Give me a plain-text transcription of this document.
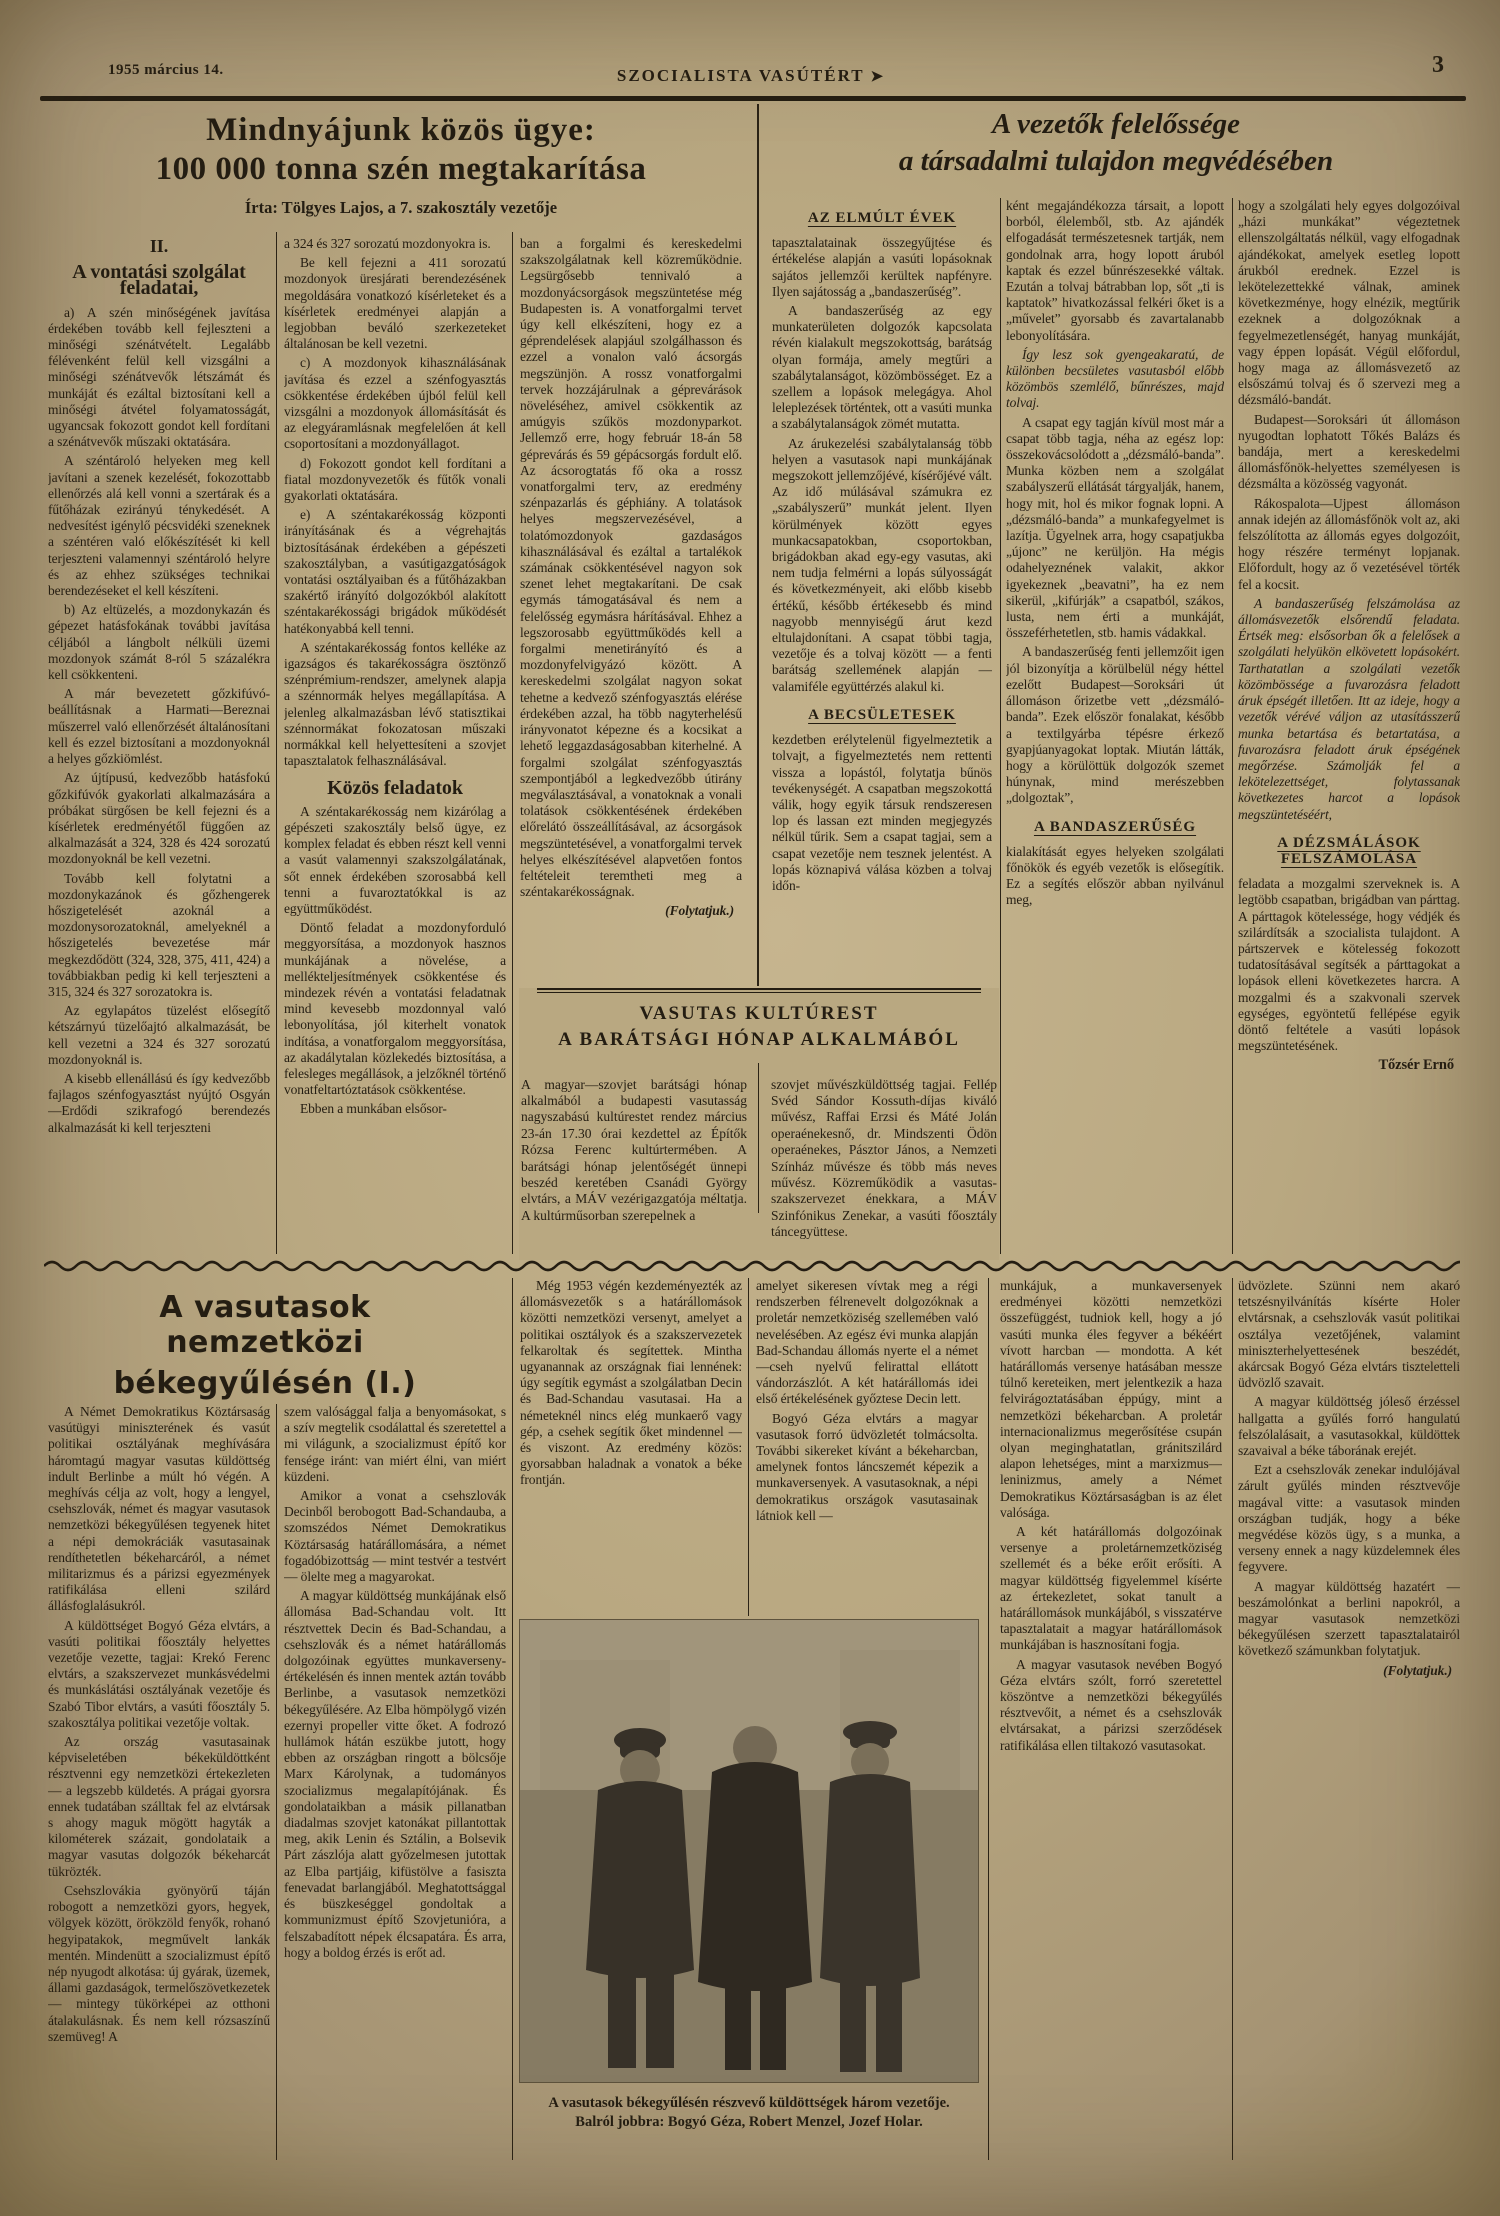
1955 március 14.	SZOCIALISTA VASÚTÉRT ➤	3
Mindnyájunk közös ügye:
100 000 tonna szén megtakarítása
Írta: Tölgyes Lajos, a 7. szakosztály vezetője
II.
A vontatási szolgálat feladatai,

a) A szén minőségének javítása érdekében tovább kell fejleszteni a minőségi szénátvételt. Legalább félévenként felül kell vizsgálni a minőségi szénátvevők létszámát és munkáját és ezáltal biztosítani kell a minőségi átvétel folyamatosságát, ugyancsak fokozott gondot kell fordítani a szénátvevők műszaki oktatására.

A széntároló helyeken meg kell javítani a szenek kezelését, fokozottabb ellenőrzés alá kell vonni a szertárak és a fűtőházak ezirányú ténykedését. A nedvesítést igénylő pécsvidéki szeneknek a széntéren való előkészítését ki kell terjeszteni valamennyi széntároló helyre és az ehhez szükséges technikai berendezéseket el kell készíteni.

b) Az eltüzelés, a mozdonykazán és gépezet hatásfokának további javítása céljából a lángbolt nélküli üzemi mozdonyok számát 8-ról 5 százalékra kell csökkenteni.

A már bevezetett gőzkifúvó-beállításnak a Harmati—Bereznai műszerrel való ellenőrzését általánosítani kell és ezzel biztosítani a mozdonyoknál a helyes gőzkiömlést.

Az újtípusú, kedvezőbb hatásfokú gőzkifúvók gyakorlati alkalmazására a próbákat sürgősen be kell fejezni és a kísérletek eredményétől függően az alkalmazását a 324, 328 és 424 sorozatú mozdonyoknál be kell vezetni.

Tovább kell folytatni a mozdonykazánok és gőzhengerek hőszigetelését azoknál a mozdonysorozatoknál, amelyeknél a hőszigetelés bevezetése már megkezdődött (324, 328, 375, 411, 424) a továbbiakban pedig ki kell terjeszteni a 315, 324 és 327 sorozatokra is.

Az egylapátos tüzelést elősegítő kétszárnyú tüzelőajtó alkalmazását, be kell vezetni a 324 és 327 sorozatú mozdonyoknál is.

A kisebb ellenállású és így kedvezőbb fajlagos szénfogyasztást nyújtó Osgyán—Erdődi szikrafogó berendezés alkalmazását ki kell terjeszteni

a 324 és 327 sorozatú mozdonyokra is.

Be kell fejezni a 411 sorozatú mozdonyok üresjárati berendezésének megoldására vonatkozó kísérleteket és a kísérletek eredményei alapján a legjobban beváló szerkezeteket általánosan be kell vezetni.

c) A mozdonyok kihasználásának javítása és ezzel a szénfogyasztás csökkentése érdekében újból felül kell vizsgálni a mozdonyok állomásítását és az elegyáramlásnak megfelelően át kell csoportosítani a mozdonyállagot.

d) Fokozott gondot kell fordítani a fiatal mozdonyvezetők és fűtők vonali gyakorlati oktatására.

e) A széntakarékosság központi irányításának és a végrehajtás biztosításának érdekében a gépészeti szakosztályban, a vasútigazgatóságok vontatási osztályaiban és a fűtőházakban szakértő irányító dolgozókból alakított széntakarékossági brigádok működését hatékonyabbá kell tenni.

A széntakarékosság fontos kelléke az igazságos és takarékosságra ösztönző szénprémium-rendszer, amelynek alapja a szénnormák helyes megállapítása. A jelenleg alkalmazásban lévő statisztikai szénnormákat fokozatosan műszaki normákkal kell helyettesíteni a szovjet tapasztalatok felhasználásával.

Közös feladatok

A széntakarékosság nem kizárólag a gépészeti szakosztály belső ügye, ez komplex feladat és ebben részt kell venni a vasút valamennyi szakszolgálatának, sőt ennek érdekében szorosabbá kell tenni a fuvaroztatókkal is az együttműködést.

Döntő feladat a mozdonyforduló meggyorsítása, a mozdonyok hasznos munkájának a növelése, a mellékteljesítmények csökkentése és mindezek révén a vontatási feladatnak mind kevesebb mozdonnyal való lebonyolítása, jól kiterhelt vonatok indítása, a vonatforgalom meggyorsítása, az akadálytalan közlekedés biztosítása, a felesleges megállások, a jelzőknél történő vonatfeltartóztatások csökkentése.

Ebben a munkában elsősor-

ban a forgalmi és kereskedelmi szakszolgálatnak kell közreműködnie. Legsürgősebb tennivaló a mozdonyácsorgások megszüntetése még Budapesten is. A vonatforgalmi tervet úgy kell elkészíteni, hogy ez a géprendelések alapjául szolgálhasson és ezzel a vonalon való ácsorgás megszünjön. A rossz vonatforgalmi tervek hozzájárulnak a géprevárások növeléséhez, amivel csökkentik az amúgyis szűkös mozdonyparkot. Jellemző erre, hogy február 18-án 58 géprevárás és 59 gépácsorgás fordult elő. Az ácsorogtatás fő oka a rossz vonatforgalmi terv, az eredmény szénpazarlás és géphiány. A tolatások helyes megszervezésével, a tolatómozdonyok gazdaságos kihasználásával és ezáltal a tartalékok számának csökkentésével nagyon sok szenet lehet megtakarítani. De csak egymás támogatásával és nem a felelősség egymásra hárításával. Ehhez a legszorosabb együttműködés kell a forgalmi menetirányító és a mozdonyfelvigyázó között. A kereskedelmi szolgálat nagyon sokat tehetne a kedvező szénfogyasztás elérése érdekében azzal, ha több nagyterhelésű irányvonatot képezne és a kocsikat a lehető leggazdaságosabban kiterhelné. A forgalmi szolgálat szénfogyasztás szempontjából a legkedvezőbb útirány megválasztásával, a vonatoknak a vonali tolatások csökkentésének érdekében előrelátó összeállításával, az ácsorgások megszüntetésével, a vonatforgalmi tervek helyes elkészítésével alapvetően fontos feltételeit teremtheti meg a széntakarékosságnak.

(Folytatjuk.)

A vezetők felelőssége
a társadalmi tulajdon megvédésében
AZ ELMÚLT ÉVEK

tapasztalatainak összegyűjtése és értékelése alapján a vasúti lopásoknak sajátos jellemzői kerültek napfényre. Ilyen sajátosság a „bandaszerűség”.

A bandaszerűség az egy munkaterületen dolgozók kapcsolata révén kialakult megszokottság, barátság olyan formája, amely megtűri a szabálytalanságot, közömbösséget. Ez a szellem a lopások melegágya. Ahol leleplezések történtek, ott a vasúti munka a szabálytalanságok zömét mutatta.

Az árukezelési szabálytalanság több helyen a vasutasok napi munkájának megszokott jellemzőjévé, kísérőjévé vált. Az idő múlásával számukra ez „szabályszerű” munkát jelent. Ilyen körülmények között egyes munkacsapatokban, csoportokban, brigádokban akad egy-egy vasutas, aki nem tudja felmérni a lopás súlyosságát és következményeit, aki előbb kisebb értékű, később értékesebb és mind nagyobb mennyiségű árut kezd eltulajdonítani. A csapat többi tagja, vezetője és a tolvaj között — a fenti barátság szellemének alapján — valamiféle együttérzés alakul ki.

A BECSÜLETESEK

kezdetben erélytelenül figyelmeztetik a tolvajt, a figyelmeztetés nem rettenti vissza a lopástól, folytatja bűnös tevékenységét. A csapatban megszokottá válik, hogy egyik társuk rendszeresen lop és lassan ezt minden megjegyzés nélkül tűrik. Sem a csapat tagjai, sem a csapat vezetője nem tesznek jelentést. A lopás köznapivá válása közben a tolvaj időn-

ként megajándékozza társait, a lopott borból, élelemből, stb. Az ajándék elfogadását természetesnek tartják, nem gondolnak arra, hogy lopott áruból kaptak és ezzel bűnrészesekké váltak. Ezután a tolvaj bátrabban lop, sőt „ti is kaptatok” hivatkozással felkéri őket is a „művelet” gyorsabb és zavartalanabb lebonyolítására.

Így lesz sok gyengeakaratú, de különben becsületes vasutasból előbb közömbös szemlélő, bűnrészes, majd tolvaj.

A csapat egy tagján kívül most már a csapat több tagja, néha az egész lop: összekovácsolódott a „dézsmáló-banda”. Munka közben nem a szolgálat szabályszerű ellátását tárgyalják, hanem, hogy mit, hol és mikor fognak lopni. A „dézsmáló-banda” a munkafegyelmet is lazítja. Ügyelnek arra, hogy csapatjukba „újonc” ne kerüljön. Ha mégis odahelyeznének valakit, akkor igyekeznek „beavatni”, ha ez nem sikerül, „kifúrják” a csapatból, szákos, lusta, nem érti a munkáját, összeférhetetlen, stb. hamis vádakkal.

A bandaszerűség fenti jellemzőit igen jól bizonyítja a körülbelül négy héttel ezelőtt Budapest—Soroksári út állomáson őrizetbe vett „dézsmáló-banda”. Ezek először fonalakat, később a textilgyárba tépésre érkező gyapjúanyagokat loptak. Miután látták, hogy a körülöttük dolgozók szemet húnynak, mind merészebben „dolgoztak”,

A BANDASZERŰSÉG

kialakítását egyes helyeken szolgálati főnökök és egyéb vezetők is elősegítik. Ez a segítés először abban nyilvánul meg,

hogy a szolgálati hely egyes dolgozóival „házi munkákat” végeztetnek ellenszolgáltatás nélkül, vagy elfogadnak ajándékokat, amelyek esetleg lopott árukból erednek. Ezzel is lekötelezettekké válnak, aminek következménye, hogy elnézik, megtűrik ezeknek a dolgozóknak a fegyelmezetlenségét, hanyag munkáját, vagy éppen lopását. Végül előfordul, hogy maga az állomásvezető az elsőszámú tolvaj és ő szervezi meg a dézsmáló-bandát.

Budapest—Soroksári út állomáson nyugodtan lophatott Tőkés Balázs és bandája, mert a kereskedelmi állomásfőnök-helyettes személyesen is dézsmálta a közösség vagyonát.

Rákospalota—Ujpest állomáson annak idején az állomásfőnök volt az, aki felszólította az állomás egyes dolgozóit, hogy részére terményt lopjanak. Előfordult, hogy az ő vezetésével törték fel a kocsit.

A bandaszerűség felszámolása az állomásvezetők elsőrendű feladata. Értsék meg: elsősorban ők a felelősek a szolgálati helyükön elkövetett lopásokért. Tarthatatlan a szolgálati vezetők közömbössége a fuvarozásra feladott áruk épségét illetően. Itt az ideje, hogy a vezetők vérévé váljon az utasításszerű munka betartása és betartatása, a fuvarozásra feladott áruk épségének megőrzése. Számolják fel a lekötelezettséget, folytassanak következetes harcot a lopások megszüntetéséért,

A DÉZSMÁLÁSOK FELSZÁMOLÁSA

feladata a mozgalmi szerveknek is. A legtöbb csapatban, brigádban van párttag. A párttagok kötelessége, hogy védjék és szilárdítsák a szocialista tulajdont. A pártszervek e kötelesség fokozott tudatosításával segítsék a párttagokat a lopások elleni következetes harcra. A mozgalmi és a szakvonali szervek egységes, egyöntetű fellépése egyik döntő feltétele a vasúti lopások megszüntetésének.

Tőzsér Ernő

VASUTAS KULTÚREST
A BARÁTSÁGI HÓNAP ALKALMÁBÓL

A magyar—szovjet barátsági hónap alkalmából a budapesti vasutasság nagyszabású kultúrestet rendez március 23-án 17.30 órai kezdettel az Építők Rózsa Ferenc kultúrtermében. A barátsági hónap jelentőségét ünnepi beszéd keretében Csanádi György elvtárs, a MÁV vezérigazgatója méltatja. A kultúrműsorban szerepelnek a

szovjet művészküldöttség tagjai. Fellép Svéd Sándor Kossuth-díjas kiváló művész, Raffai Erzsi és Máté Jolán operaénekesnő, dr. Mindszenti Ödön operaénekes, Pásztor János, a Nemzeti Színház művésze és több más neves művész. Közreműködik a vasutas-szakszervezet énekkara, a MÁV Szinfónikus Zenekar, a vasúti főosztály táncegyüttese.

A vasutasok nemzetközi
békegyűlésén (I.)

A Német Demokratikus Köztársaság vasútügyi miniszterének és vasút politikai osztályának meghívására háromtagú magyar vasutas küldöttség indult Berlinbe a múlt hó végén. A meghívás célja az volt, hogy a lengyel, csehszlovák, német és magyar vasutasok nemzetközi békegyűlésen tegyenek hitet a népi demokráciák vasutasainak rendíthetetlen békeharcáról, a német militarizmus és a párizsi egyezmények ratifikálása elleni szilárd állásfoglalásukról.

A küldöttséget Bogyó Géza elvtárs, a vasúti politikai főosztály helyettes vezetője vezette, tagjai: Krekó Ferenc elvtárs, a szakszervezet munkásvédelmi és munkáslátási osztályának vezetője és Szabó Tibor elvtárs, a vasúti főosztály 5. szakosztálya politikai vezetője voltak.

Az ország vasutasainak képviseletében békeküldöttként résztvenni egy nemzetközi értekezleten — a legszebb küldetés. A prágai gyorsra ennek tudatában szálltak fel az elvtársak s ahogy maguk mögött hagyták a kilométerek százait, gondolataik a magyar vasutas dolgozók békeharcát tükrözték.

Csehszlovákia gyönyörű táján robogott a nemzetközi gyors, hegyek, völgyek között, örökzöld fenyők, rohanó hegyipatakok, megművelt lankák mentén. Mindenütt a szocializmust építő nép nyugodt alkotása: új gyárak, üzemek, állami gazdaságok, termelőszövetkezetek — mintegy tükörképei az otthoni átalakulásnak. És nem kell rózsaszínű szemüveg! A

szem valósággal falja a benyomásokat, s a szív megtelik csodálattal és szeretettel a mi világunk, a szocializmust építő kor fensége iránt: van miért élni, van miért küzdeni.

Amikor a vonat a csehszlovák Decinből berobogott Bad-Schandauba, a szomszédos Német Demokratikus Köztársaság határállomására, a német fogadóbizottság — mint testvér a testvért — ölelte meg a magyarokat.

A magyar küldöttség munkájának első állomása Bad-Schandau volt. Itt résztvettek Decin és Bad-Schandau, a csehszlovák és a német határállomás dolgozóinak együttes munkaverseny-értékelésén és innen mentek aztán tovább Berlinbe, a vasutasok nemzetközi békegyűlésére. Az Elba hömpölygő vizén ezernyi propeller vitte őket. A fodrozó hullámok hátán eszükbe jutott, hogy ebben az országban ringott a bölcsője Marx Károlynak, a tudományos szocializmus megalapítójának. És gondolataikban a másik pillanatban diadalmas szovjet katonákat pillantottak meg, akik Lenin és Sztálin, a Bolsevik Párt zászlója alatt győzelmesen jutottak az Elba partjáig, kifüstölve a fasiszta fenevadat barlangjából. Meghatottsággal és büszkeséggel gondoltak a kommunizmust építő Szovjetunióra, a felszabadított népek élcsapatára. És arra, hogy a boldog érzés is erőt ad.

Még 1953 végén kezdeményezték az állomásvezetők s a határállomások közötti nemzetközi versenyt, amelyet a politikai osztályok és a szakszervezetek felkaroltak és segítettek. Mintha ugyanannak az országnak fiai lennének: úgy segítik egymást a szolgálatban Decin és Bad-Schandau vasutasai. Ha a németeknél nincs elég munkaerő vagy gép, a csehek segítik őket mindennel — és viszont. Az eredmény közös: gyorsabban haladnak a vonatok a béke frontján.

amelyet sikeresen vívtak meg a régi rendszerben félrenevelt dolgozóknak a proletár nemzetköziség szellemében való nevelésében. Az egész évi munka alapján Bad-Schandau állomás nyerte el a német—cseh nyelvű felirattal ellátott vándorzászlót. A két határállomás idei első értékelésének győztese Decin lett.

Bogyó Géza elvtárs a magyar vasutasok forró üdvözletét tolmácsolta. További sikereket kívánt a békeharcban, amelynek fontos láncszemét képezik a munkaversenyek. A vasutasoknak, a népi demokratikus országok vasutasainak látniok kell —

munkájuk, a munkaversenyek eredményei közötti nemzetközi összefüggést, tudniok kell, hogy a jó vasúti munka éles fegyver a békéért vívott harcban — mondotta. A két határállomás versenye hatásában messze túlnő kereteiken, mert jelentkezik a haza felvirágoztatásában éppúgy, mint a nemzetközi békeharcban. A proletár internacionalizmus megerősítése csupán olyan meginghatatlan, gránitszilárd alapon lehetséges, mint a marxizmus—leninizmus, amely a Német Demokratikus Köztársaságban is az élet valósága.

A két határállomás dolgozóinak versenye a proletárnemzetköziség szellemét és a béke erőit erősíti. A magyar küldöttség figyelemmel kísérte az értekezletet, sokat tanult a határállomások munkájából, s visszatérve tapasztalatait a magyar határállomások munkájában is hasznosítani fogja.

A magyar vasutasok nevében Bogyó Géza elvtárs szólt, forró szeretettel köszöntve a nemzetközi békegyűlés résztvevőit, a német és a csehszlovák elvtársakat, a párizsi szerződések ratifikálása ellen tiltakozó vasutasokat.

üdvözlete. Szünni nem akaró tetszésnyilvánítás kísérte Holer elvtársnak, a csehszlovák vasút politikai osztálya vezetőjének, valamint miniszterhelyettesének beszédét, akárcsak Bogyó Géza elvtárs tiszteletteli üdvözlő szavait.

A magyar küldöttség jóleső érzéssel hallgatta a gyűlés forró hangulatú felszólalásait, a vasutasokkal, küldöttek szavaival a béke táborának erejét.

Ezt a csehszlovák zenekar indulójával zárult gyűlés minden résztvevője magával vitte: a vasutasok minden országban tudják, hogy a béke megvédése közös ügy, s a munka, a verseny ennek a nagy küzdelemnek éles fegyvere.

A magyar küldöttség hazatért — beszámolónkat a berlini napokról, a magyar vasutasok nemzetközi békegyűlésen szerzett tapasztalatairól következő számunkban folytatjuk.

(Folytatjuk.)

A vasutasok békegyűlésén részvevő küldöttségek három vezetője.
Balról jobbra: Bogyó Géza, Robert Menzel, Jozef Holar.
